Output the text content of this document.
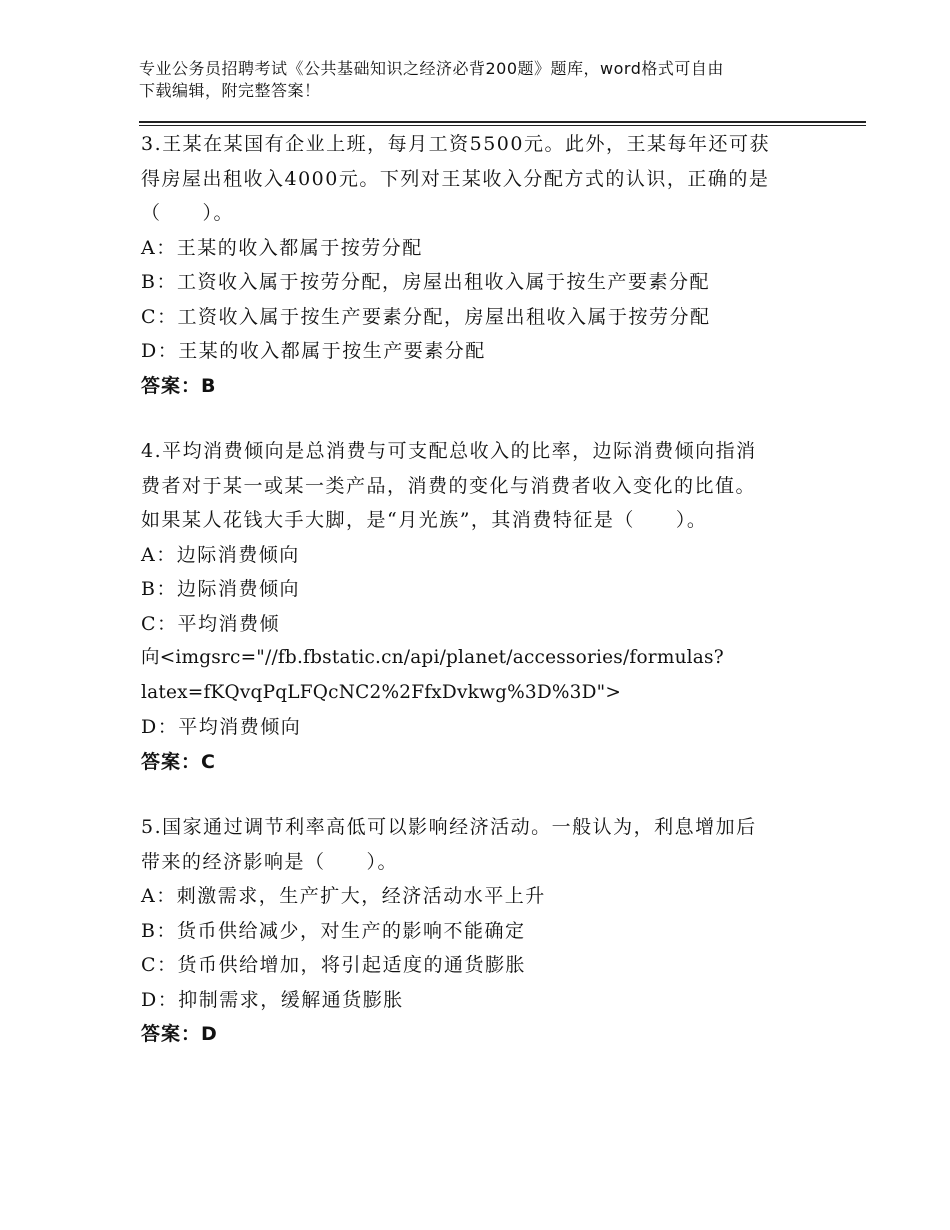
专业公务员招聘考试《公共基础知识之经济必背200题》题库，word格式可自由
下载编辑，附完整答案！
3.王某在某国有企业上班，每月工资5500元。此外，王某每年还可获
得房屋出租收入4000元。下列对王某收入分配方式的认识，正确的是
（　　）。
A：王某的收入都属于按劳分配
B：工资收入属于按劳分配，房屋出租收入属于按生产要素分配
C：工资收入属于按生产要素分配，房屋出租收入属于按劳分配
D：王某的收入都属于按生产要素分配
答案：B
4.平均消费倾向是总消费与可支配总收入的比率，边际消费倾向指消
费者对于某一或某一类产品，消费的变化与消费者收入变化的比值。
如果某人花钱大手大脚，是“月光族”，其消费特征是（　　）。
A：边际消费倾向
B：边际消费倾向
C：平均消费倾
向<imgsrc="//fb.fbstatic.cn/api/planet/accessories/formulas?
latex=fKQvqPqLFQcNC2%2FfxDvkwg%3D%3D">
D：平均消费倾向
答案：C
5.国家通过调节利率高低可以影响经济活动。一般认为，利息增加后
带来的经济影响是（　　）。
A：刺激需求，生产扩大，经济活动水平上升
B：货币供给减少，对生产的影响不能确定
C：货币供给增加，将引起适度的通货膨胀
D：抑制需求，缓解通货膨胀
答案：D
